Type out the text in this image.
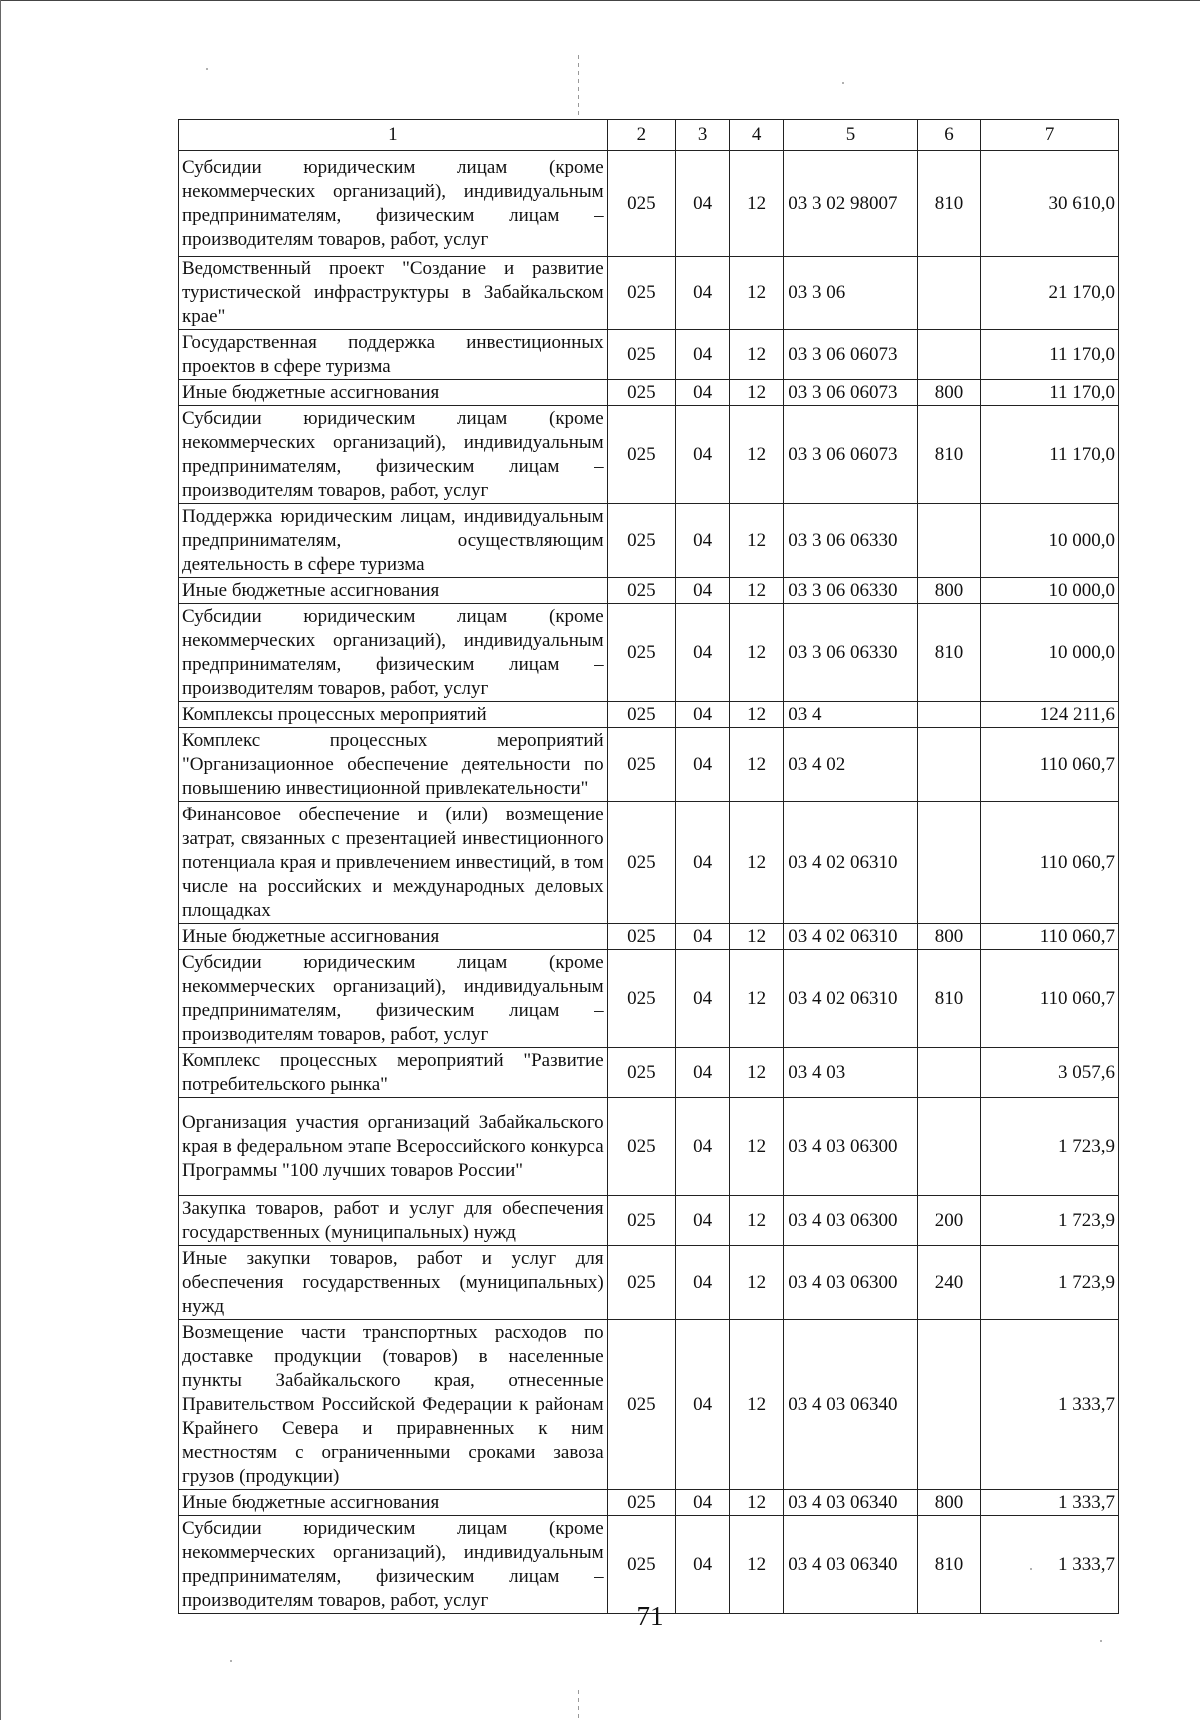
1	2	3	4	5	6	7
Субсидии юридическим лицам (кроме некоммерческих организаций), индивидуальным предпринимателям, физическим лицам – производителям товаров, работ, услуг	025	04	12	03 3 02 98007	810	30 610,0
Ведомственный проект "Создание и развитие туристической инфраструктуры в Забайкальском крае"	025	04	12	03 3 06		21 170,0
Государственная поддержка инвестиционных проектов в сфере туризма	025	04	12	03 3 06 06073		11 170,0
Иные бюджетные ассигнования	025	04	12	03 3 06 06073	800	11 170,0
Субсидии юридическим лицам (кроме некоммерческих организаций), индивидуальным предпринимателям, физическим лицам – производителям товаров, работ, услуг	025	04	12	03 3 06 06073	810	11 170,0
Поддержка юридическим лицам, индивидуальным предпринимателям, осуществляющим деятельность в сфере туризма	025	04	12	03 3 06 06330		10 000,0
Иные бюджетные ассигнования	025	04	12	03 3 06 06330	800	10 000,0
Субсидии юридическим лицам (кроме некоммерческих организаций), индивидуальным предпринимателям, физическим лицам – производителям товаров, работ, услуг	025	04	12	03 3 06 06330	810	10 000,0
Комплексы процессных мероприятий	025	04	12	03 4		124 211,6
Комплекс процессных мероприятий "Организационное обеспечение деятельности по повышению инвестиционной привлекательности"	025	04	12	03 4 02		110 060,7
Финансовое обеспечение и (или) возмещение затрат, связанных с презентацией инвестиционного потенциала края и привлечением инвестиций, в том числе на российских и международных деловых площадках	025	04	12	03 4 02 06310		110 060,7
Иные бюджетные ассигнования	025	04	12	03 4 02 06310	800	110 060,7
Субсидии юридическим лицам (кроме некоммерческих организаций), индивидуальным предпринимателям, физическим лицам – производителям товаров, работ, услуг	025	04	12	03 4 02 06310	810	110 060,7
Комплекс процессных мероприятий "Развитие потребительского рынка"	025	04	12	03 4 03		3 057,6
Организация участия организаций Забайкальского края в федеральном этапе Всероссийского конкурса Программы "100 лучших товаров России"	025	04	12	03 4 03 06300		1 723,9
Закупка товаров, работ и услуг для обеспечения государственных (муниципальных) нужд	025	04	12	03 4 03 06300	200	1 723,9
Иные закупки товаров, работ и услуг для обеспечения государственных (муниципальных) нужд	025	04	12	03 4 03 06300	240	1 723,9
Возмещение части транспортных расходов по доставке продукции (товаров) в населенные пункты Забайкальского края, отнесенные Правительством Российской Федерации к районам Крайнего Севера и приравненных к ним местностям с ограниченными сроками завоза грузов (продукции)	025	04	12	03 4 03 06340		1 333,7
Иные бюджетные ассигнования	025	04	12	03 4 03 06340	800	1 333,7
Субсидии юридическим лицам (кроме некоммерческих организаций), индивидуальным предпринимателям, физическим лицам – производителям товаров, работ, услуг	025	04	12	03 4 03 06340	810	1 333,7
71
